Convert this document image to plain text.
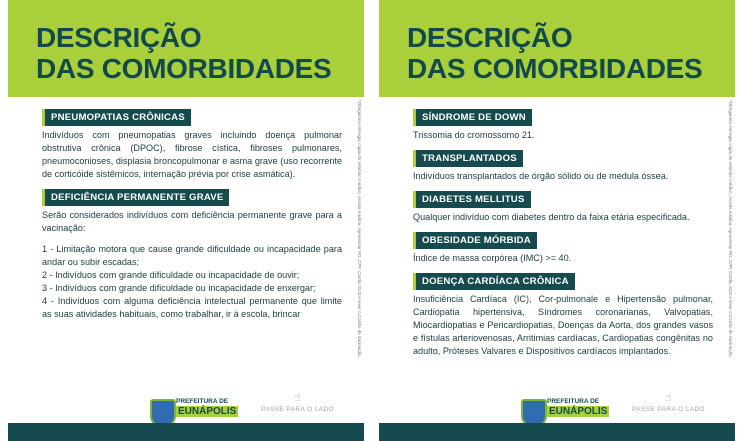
DESCRIÇÃO
DAS COMORBIDADES
PNEUMOPATIAS CRÔNICAS

Indivíduos com pneumopatias graves incluindo doença pulmonar obstrutiva crônica (DPOC), fibrose cística, fibroses pulmonares, pneumoconioses, displasia broncopulmonar e asma grave (uso recorrente de corticóide sistêmicos, internação prévia por crise asmática).

DEFICIÊNCIA PERMANENTE GRAVE

Serão considerados indivíduos com deficiência permanente grave para a vacinação:

1 - Limitação motora que cause grande dificuldade ou incapacidade para andar ou subir escadas;

2 - Indivíduos com grande dificuldade ou incapacidade de ouvir;

3 - Indivíduos com grande dificuldade ou incapacidade de enxergar;

4 - Indivíduos com alguma deficiência intelectual permanente que limite as suas atividades habituais, como trabalhar, ir à escola, brincar	*Obrigatório entregar cópia do relatório médico, receita médica. Apresentar RG, CPF, Cartão SUS e levar o Cartão de Vacinação.
PREFEITURA DE
EUNÁPOLIS
☝
PASSE PARA O LADO
DESCRIÇÃO
DAS COMORBIDADES
SÍNDROME DE DOWN

Trissomia do cromossomo 21.

TRANSPLANTADOS

Indivíduos transplantados de órgão sólido ou de medula óssea.

DIABETES MELLITUS

Qualquer indivíduo com diabetes dentro da faixa etária especificada.

OBESIDADE MÓRBIDA

Índice de massa corpórea (IMC) >= 40.

DOENÇA CARDÍACA CRÔNICA

Insuficiência Cardíaca (IC), Cor-pulmonale e Hipertensão pulmonar, Cardiopatia hipertensiva, Síndromes coronarianas, Valvopatias, Miocardiopatias e Pericardiopatias, Doenças da Aorta, dos grandes vasos e fístulas arteriovenosas, Arritimias cardíacas, Cardiopatias congênitas no adulto, Próteses Valvares e Dispositivos cardíacos implantados.	*Obrigatório entregar cópia do relatório médico, receita médica. Apresentar RG, CPF, Cartão SUS e levar o Cartão de Vacinação.
PREFEITURA DE
EUNÁPOLIS
☝
PASSE PARA O LADO
